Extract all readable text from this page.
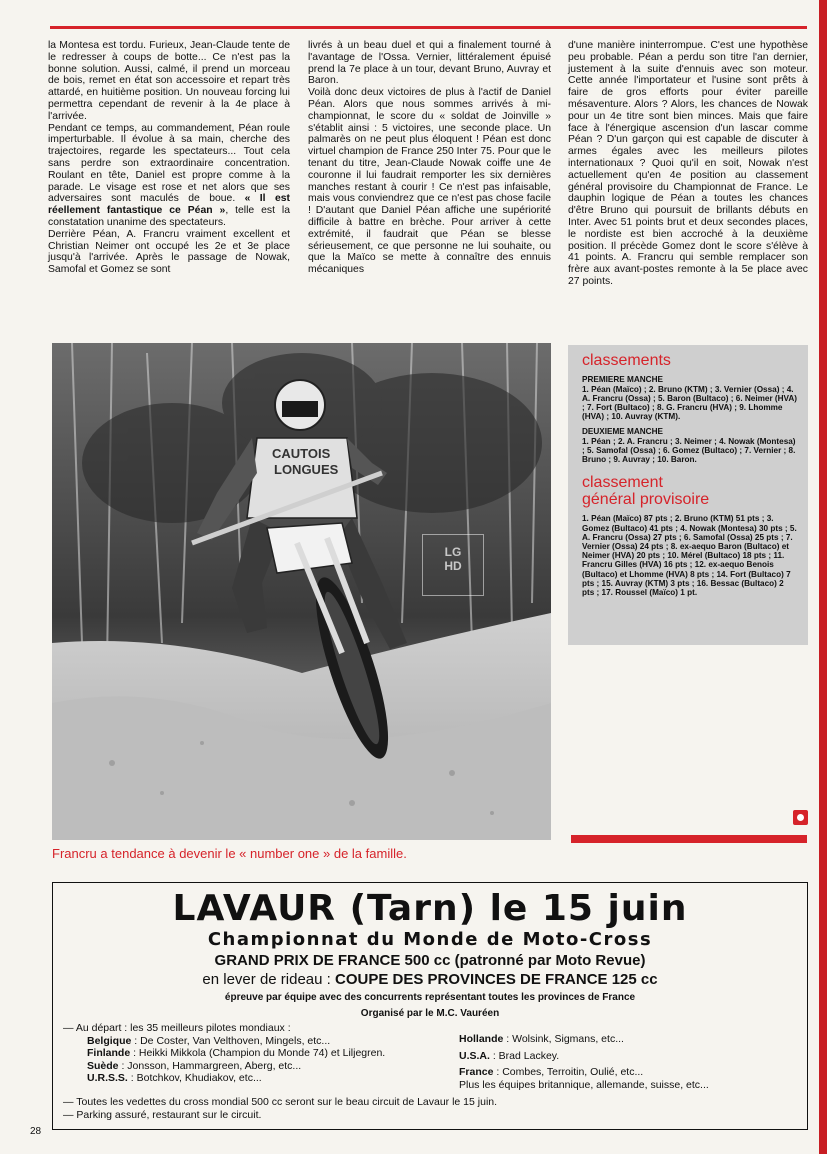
la Montesa est tordu. Furieux, Jean-Claude tente de le redresser à coups de botte... Ce n'est pas la bonne solution. Aussi, calmé, il prend un morceau de bois, remet en état son accessoire et repart très attardé, en huitième position. Un nouveau forcing lui permettra cependant de revenir à la 4e place à l'arrivée.

Pendant ce temps, au commandement, Péan roule imperturbable. Il évolue à sa main, cherche des trajectoires, regarde les spectateurs... Tout cela sans perdre son extraordinaire concentration. Roulant en tête, Daniel est propre comme à la parade. Le visage est rose et net alors que ses adversaires sont maculés de boue. « Il est réellement fantastique ce Péan », telle est la constatation unanime des spectateurs.

Derrière Péan, A. Francru vraiment excellent et Christian Neimer ont occupé les 2e et 3e place jusqu'à l'arrivée. Après le passage de Nowak, Samofal et Gomez se sont

livrés à un beau duel et qui a finalement tourné à l'avantage de l'Ossa. Vernier, littéralement épuisé prend la 7e place à un tour, devant Bruno, Auvray et Baron.

Voilà donc deux victoires de plus à l'actif de Daniel Péan. Alors que nous sommes arrivés à mi-championnat, le score du « soldat de Joinville » s'établit ainsi : 5 victoires, une seconde place. Un palmarès on ne peut plus éloquent ! Péan est donc virtuel champion de France 250 Inter 75. Pour que le tenant du titre, Jean-Claude Nowak coiffe une 4e couronne il lui faudrait remporter les six dernières manches restant à courir ! Ce n'est pas infaisable, mais vous conviendrez que ce n'est pas chose facile ! D'autant que Daniel Péan affiche une supériorité difficile à battre en brèche. Pour arriver à cette extrémité, il faudrait que Péan se blesse sérieusement, ce que personne ne lui souhaite, ou que la Maïco se mette à connaître des ennuis mécaniques

d'une manière ininterrompue. C'est une hypothèse peu probable. Péan a perdu son titre l'an dernier, justement à la suite d'ennuis avec son moteur. Cette année l'importateur et l'usine sont prêts à faire de gros efforts pour éviter pareille mésaventure. Alors ? Alors, les chances de Nowak pour un 4e titre sont bien minces. Mais que faire face à l'énergique ascension d'un lascar comme Péan ? D'un garçon qui est capable de discuter à armes égales avec les meilleurs pilotes internationaux ? Quoi qu'il en soit, Nowak n'est actuellement qu'en 4e position au classement général provisoire du Championnat de France. Le dauphin logique de Péan a toutes les chances d'être Bruno qui poursuit de brillants débuts en Inter. Avec 51 points brut et deux secondes places, le nordiste est bien accroché à la deuxième position. Il précède Gomez dont le score s'élève à 41 points. A. Francru qui semble remplacer son frère aux avant-postes remonte à la 5e place avec 27 points.

CAUTOIS
LONGUES
LG
HD
classements

PREMIERE MANCHE

1. Péan (Maïco) ; 2. Bruno (KTM) ; 3. Vernier (Ossa) ; 4. A. Francru (Ossa) ; 5. Baron (Bultaco) ; 6. Neimer (HVA) ; 7. Fort (Bultaco) ; 8. G. Francru (HVA) ; 9. Lhomme (HVA) ; 10. Auvray (KTM).

DEUXIEME MANCHE

1. Péan ; 2. A. Francru ; 3. Neimer ; 4. Nowak (Montesa) ; 5. Samofal (Ossa) ; 6. Gomez (Bultaco) ; 7. Vernier ; 8. Bruno ; 9. Auvray ; 10. Baron.

classement
général provisoire

1. Péan (Maïco) 87 pts ; 2. Bruno (KTM) 51 pts ; 3. Gomez (Bultaco) 41 pts ; 4. Nowak (Montesa) 30 pts ; 5. A. Francru (Ossa) 27 pts ; 6. Samofal (Ossa) 25 pts ; 7. Vernier (Ossa) 24 pts ; 8. ex-aequo Baron (Bultaco) et Neimer (HVA) 20 pts ; 10. Mérel (Bultaco) 18 pts ; 11. Francru Gilles (HVA) 16 pts ; 12. ex-aequo Benois (Bultaco) et Lhomme (HVA) 8 pts ; 14. Fort (Bultaco) 7 pts ; 15. Auvray (KTM) 3 pts ; 16. Bessac (Bultaco) 2 pts ; 17. Roussel (Maïco) 1 pt.

Francru a tendance à devenir le « number one » de la famille.
LAVAUR (Tarn) le 15 juin
Championnat du Monde de Moto-Cross
GRAND PRIX DE FRANCE 500 cc (patronné par Moto Revue)
en lever de rideau : COUPE DES PROVINCES DE FRANCE 125 cc
épreuve par équipe avec des concurrents représentant toutes les provinces de France
Organisé par le M.C. Vauréen

— Au départ : les 35 meilleurs pilotes mondiaux :

Belgique : De Coster, Van Velthoven, Mingels, etc...

Finlande : Heikki Mikkola (Champion du Monde 74) et Liljegren.

Suède : Jonsson, Hammargreen, Aberg, etc...

U.R.S.S. : Botchkov, Khudiakov, etc...

Hollande : Wolsink, Sigmans, etc...

U.S.A. : Brad Lackey.

France : Combes, Terroitin, Oulié, etc...

Plus les équipes britannique, allemande, suisse, etc...

— Toutes les vedettes du cross mondial 500 cc seront sur le beau circuit de Lavaur le 15 juin.

— Parking assuré, restaurant sur le circuit.

28
